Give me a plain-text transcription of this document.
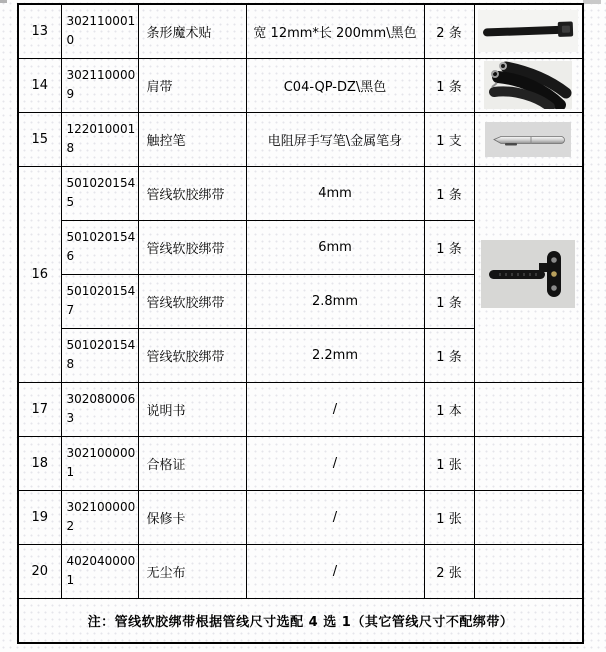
13	3021100010	条形魔术贴	宽 12mm*长 200mm\黑色	2 条	

14	3021100009	肩带	C04-QP-DZ\黑色	1 条	

15	1220100018	触控笔	电阻屏手写笔\金属笔身	1 支	

16	5010201545	管线软胶绑带	4mm	1 条	

	5010201546	管线软胶绑带	6mm	1 条	
	5010201547	管线软胶绑带	2.8mm	1 条	
	5010201548	管线软胶绑带	2.2mm	1 条	
17	3020800063	说明书	/	1 本	
18	3021000001	合格证	/	1 张	
19	3021000002	保修卡	/	1 张	
20	4020400001	无尘布	/	2 张	
注：管线软胶绑带根据管线尺寸选配 4 选 1（其它管线尺寸不配绑带）					
